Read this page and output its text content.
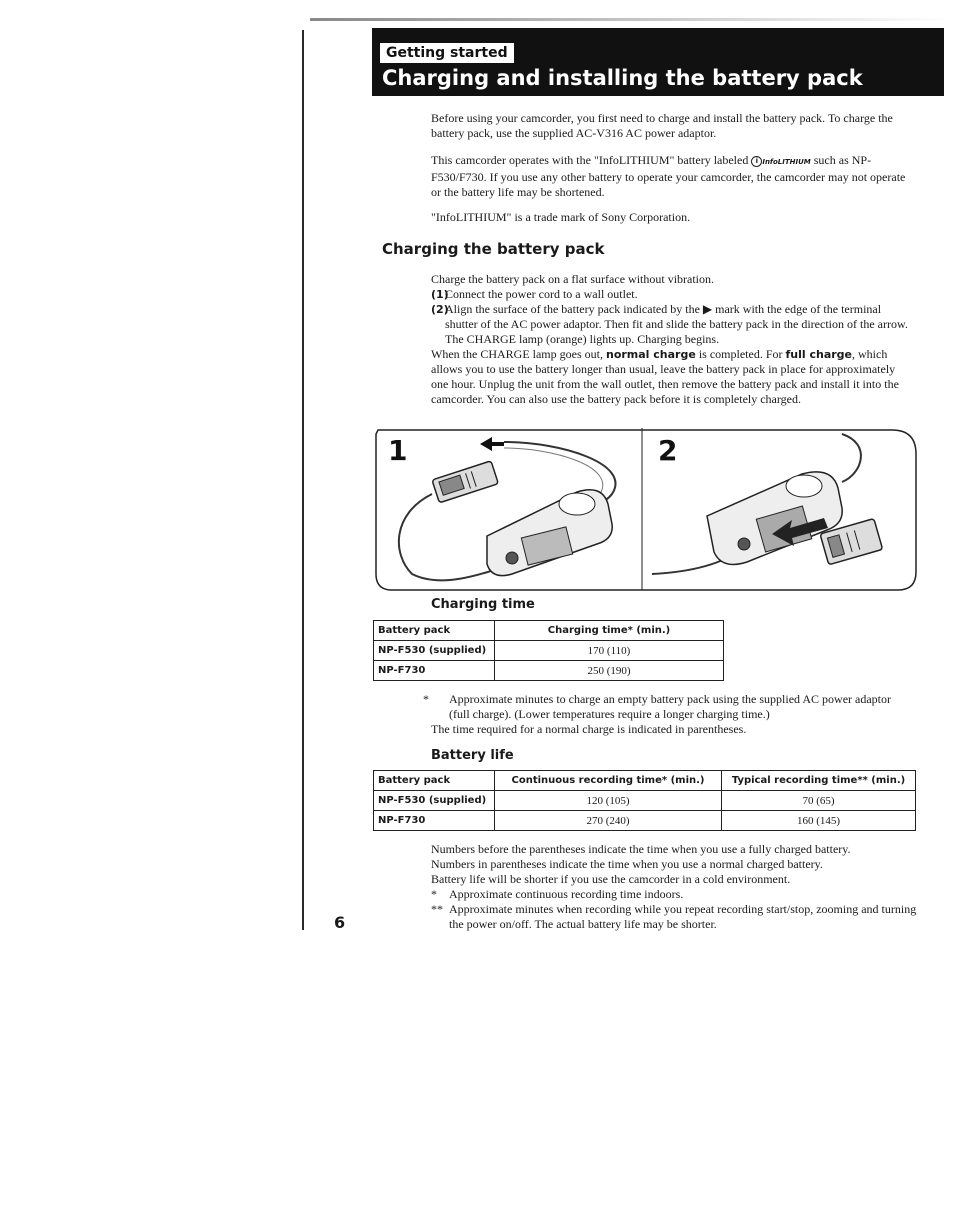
Getting started
Charging and installing the battery pack
Before using your camcorder, you first need to charge and install the battery pack. To charge the battery pack, use the supplied AC-V316 AC power adaptor.
This camcorder operates with the "InfoLITHIUM" battery labeled i InfoLITHIUM such as NP-F530/F730. If you use any other battery to operate your camcorder, the camcorder may not operate or the battery life may be shortened.
"InfoLITHIUM" is a trade mark of Sony Corporation.
Charging the battery pack
Charge the battery pack on a flat surface without vibration.
(1)
Connect the power cord to a wall outlet.
(2)
Align the surface of the battery pack indicated by the ▶ mark with the edge of the terminal shutter of the AC power adaptor. Then fit and slide the battery pack in the direction of the arrow. The CHARGE lamp (orange) lights up. Charging begins.
When the CHARGE lamp goes out, normal charge is completed. For full charge, which allows you to use the battery longer than usual, leave the battery pack in place for approximately one hour. Unplug the unit from the wall outlet, then remove the battery pack and install it into the camcorder. You can also use the battery pack before it is completely charged.
1	2
Charging time
Battery pack	Charging time* (min.)
NP-F530 (supplied)	170 (110)
NP-F730	250 (190)
* Approximate minutes to charge an empty battery pack using the supplied AC power adaptor (full charge). (Lower temperatures require a longer charging time.)
The time required for a normal charge is indicated in parentheses.
Battery life
Battery pack	Continuous recording time* (min.)	Typical recording time** (min.)
NP-F530 (supplied)	120 (105)	70 (65)
NP-F730	270 (240)	160 (145)
Numbers before the parentheses indicate the time when you use a fully charged battery.
Numbers in parentheses indicate the time when you use a normal charged battery.
Battery life will be shorter if you use the camcorder in a cold environment.
* Approximate continuous recording time indoors.
** Approximate minutes when recording while you repeat recording start/stop, zooming and turning the power on/off. The actual battery life may be shorter.
6
